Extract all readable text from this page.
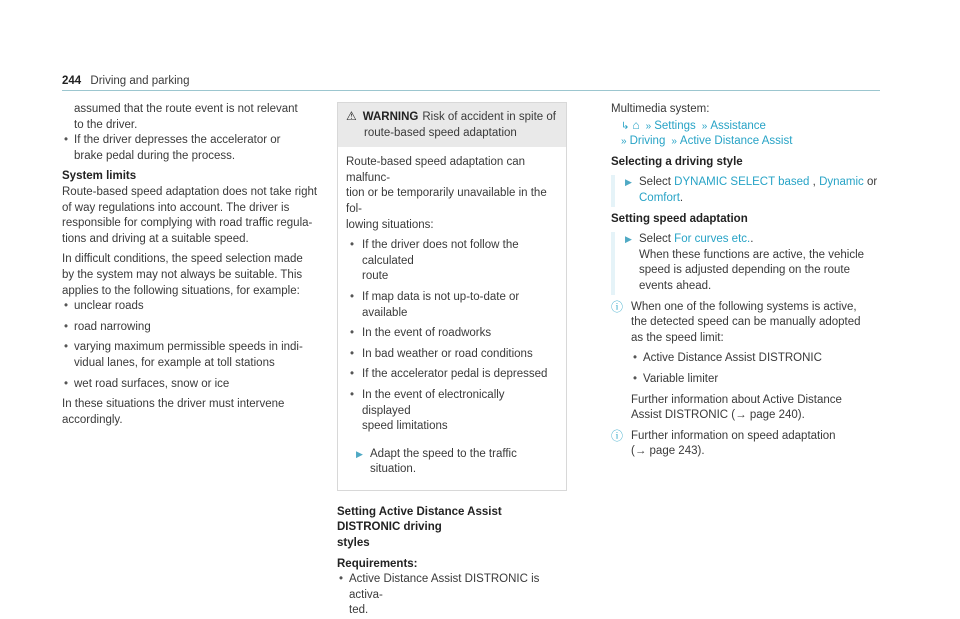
244 Driving and parking

assumed that the route event is not relevant

to the driver.

• If the driver depresses the accelerator or

brake pedal during the process.

System limits

Route-based speed adaptation does not take right

of way regulations into account. The driver is

responsible for complying with road traffic regula-

tions and driving at a suitable speed.

In difficult conditions, the speed selection made

by the system may not always be suitable. This

applies to the following situations, for example:

• unclear roads

• road narrowing

• varying maximum permissible speeds in indi-

vidual lanes, for example at toll stations

• wet road surfaces, snow or ice

In these situations the driver must intervene

accordingly.

⚠ WARNING Risk of accident in spite of

route-based speed adaptation

Route-based speed adaptation can malfunc-

tion or be temporarily unavailable in the fol-

lowing situations:

• If the driver does not follow the calculated

route

• If map data is not up-to-date or available

• In the event of roadworks

• In bad weather or road conditions

• If the accelerator pedal is depressed

• In the event of electronically displayed

speed limitations

▶ Adapt the speed to the traffic situation.

Setting Active Distance Assist DISTRONIC driving
styles
Requirements:

• Active Distance Assist DISTRONIC is activa-

ted.

Multimedia system:

↳ ⌂ » Settings » Assistance

» Driving » Active Distance Assist

Selecting a driving style
▶ Select DYNAMIC SELECT based , Dynamic or

Comfort.

Setting speed adaptation
▶ Select For curves etc..

When these functions are active, the vehicle

speed is adjusted depending on the route

events ahead.

ⓘ When one of the following systems is active,

the detected speed can be manually adopted

as the speed limit:

• Active Distance Assist DISTRONIC

• Variable limiter

Further information about Active Distance

Assist DISTRONIC (→ page 240).

ⓘ Further information on speed adaptation

(→ page 243).
